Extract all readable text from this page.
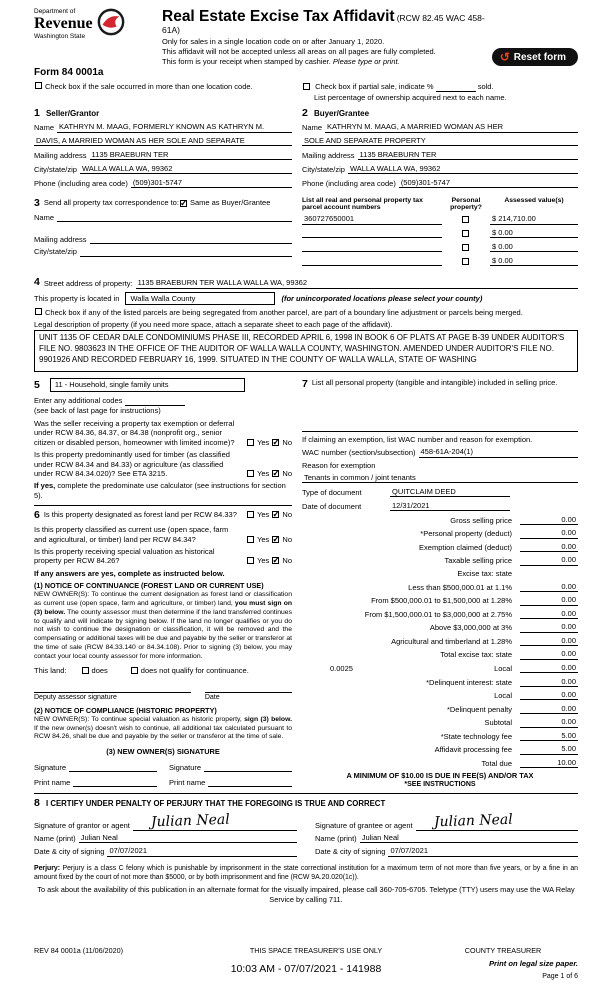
Department of
Revenue
Washington State
Real Estate Excise Tax Affidavit (RCW 82.45 WAC 458-61A)
Only for sales in a single location code on or after January 1, 2020.
This affidavit will not be accepted unless all areas on all pages are fully completed.
This form is your receipt when stamped by cashier. Please type or print.	↺ Reset form
Form 84 0001a
Check box if the sale occurred in more than one location code.	Check box if partial sale, indicate %	sold.
List percentage of ownership acquired next to each name.
1 Seller/Grantor
Name KATHRYN M. MAAG, FORMERLY KNOWN AS KATHRYN M.
DAVIS, A MARRIED WOMAN AS HER SOLE AND SEPARATE
Mailing address 1135 BRAEBURN TER
City/state/zip WALLA WALLA WA, 99362
Phone (including area code) (509)301-5747
2 Buyer/Grantee
Name KATHRYN M. MAAG, A MARRIED WOMAN AS HER
SOLE AND SEPARATE PROPERTY
Mailing address 1135 BRAEBURN TER
City/state/zip WALLA WALLA WA, 99362
Phone (including area code) (509)301-5747
3 Send all property tax correspondence to: ✓ Same as Buyer/Grantee
Name
Mailing address
City/state/zip
List all real and personal property tax parcel account numbers
Personal property?
Assessed value(s)
360727650001	$ 214,710.00
$ 0.00
$ 0.00
$ 0.00
4 Street address of property: 1135 BRAEBURN TER WALLA WALLA WA, 99362
This property is located in	Walla Walla County	(for unincorporated locations please select your county)
Check box if any of the listed parcels are being segregated from another parcel, are part of a boundary line adjustment or parcels being merged.
Legal description of property (if you need more space, attach a separate sheet to each page of the affidavit).
UNIT 1135 OF CEDAR DALE CONDOMINIUMS PHASE III, RECORDED APRIL 6, 1998 IN BOOK 6 OF PLATS AT PAGE B-39 UNDER AUDITOR'S FILE NO. 9803623 IN THE OFFICE OF THE AUDITOR OF WALLA WALLA COUNTY, WASHINGTON. AMENDED UNDER AUDITOR'S FILE NO. 9901926 AND RECORDED FEBRUARY 16, 1999. SITUATED IN THE COUNTY OF WALLA WALLA, STATE OF WASHING
5	11 - Household, single family units
Enter any additional codes
(see back of last page for instructions)
Was the seller receiving a property tax exemption or deferral under RCW 84.36, 84.37, or 84.38 (nonprofit org., senior citizen or disabled person, homeowner with limited income)?	Yes ✓ No
Is this property predominantly used for timber (as classified under RCW 84.34 and 84.33) or agriculture (as classified under RCW 84.34.020)? See ETA 3215.	Yes ✓ No
If yes, complete the predominate use calculator (see instructions for section 5).
6 Is this property designated as forest land per RCW 84.33?	Yes ✓ No
Is this property classified as current use (open space, farm and agricultural, or timber) land per RCW 84.34?	Yes ✓ No
Is this property receiving special valuation as historical property per RCW 84.26?	Yes ✓ No
If any answers are yes, complete as instructed below.
(1) NOTICE OF CONTINUANCE (FOREST LAND OR CURRENT USE)
NEW OWNER(S): To continue the current designation as forest land or classification as current use (open space, farm and agriculture, or timber) land, you must sign on (3) below. The county assessor must then determine if the land transferred continues to qualify and will indicate by signing below. If the land no longer qualifies or you do not wish to continue the designation or classification, it will be removed and the compensating or additional taxes will be due and payable by the seller or transferor at the time of sale (RCW 84.33.140 or 84.34.108). Prior to signing (3) below, you may contact your local county assessor for more information.
This land:	does	does not qualify for continuance.
Deputy assessor signature	Date
(2) NOTICE OF COMPLIANCE (HISTORIC PROPERTY)
NEW OWNER(S): To continue special valuation as historic property, sign (3) below. If the new owner(s) doesn't wish to continue, all additional tax calculated pursuant to RCW 84.26, shall be due and payable by the seller or transferor at the time of sale.
(3) NEW OWNER(S) SIGNATURE
Signature	Signature
Print name	Print name
7 List all personal property (tangible and intangible) included in selling price.
If claiming an exemption, list WAC number and reason for exemption.
WAC number (section/subsection) 458-61A-204(1)
Reason for exemption
Tenants in common / joint tenants
Type of document	QUITCLAIM DEED
Date of document	12/31/2021
Gross selling price	0.00
*Personal property (deduct)	0.00
Exemption claimed (deduct)	0.00
Taxable selling price	0.00
Excise tax: state
Less than $500,000.01 at 1.1%	0.00
From $500,000.01 to $1,500,000 at 1.28%	0.00
From $1,500,000.01 to $3,000,000 at 2.75%	0.00
Above $3,000,000 at 3%	0.00
Agricultural and timberland at 1.28%	0.00
Total excise tax: state	0.00
0.0025	Local	0.00
*Delinquent interest: state	0.00
Local	0.00
*Delinquent penalty	0.00
Subtotal	0.00
*State technology fee	5.00
Affidavit processing fee	5.00
Total due	10.00
A MINIMUM OF $10.00 IS DUE IN FEE(S) AND/OR TAX
*SEE INSTRUCTIONS
8 I CERTIFY UNDER PENALTY OF PERJURY THAT THE FOREGOING IS TRUE AND CORRECT
Signature of grantor or agent Julian Neal
Name (print) Julian Neal
Date & city of signing 07/07/2021
Signature of grantee or agent Julian Neal
Name (print) Julian Neal
Date & city of signing 07/07/2021
Perjury: Perjury is a class C felony which is punishable by imprisonment in the state correctional institution for a maximum term of not more than five years, or by a fine in an amount fixed by the court of not more than $5000, or by both imprisonment and fine (RCW 9A.20.020(1c)).
To ask about the availability of this publication in an alternate format for the visually impaired, please call 360-705-6705. Teletype (TTY) users may use the WA Relay Service by calling 711.
REV 84 0001a (11/06/2020)	THIS SPACE TREASURER'S USE ONLY	COUNTY TREASURER
10:03 AM - 07/07/2021 - 141988	Print on legal size paper.
Page 1 of 6
